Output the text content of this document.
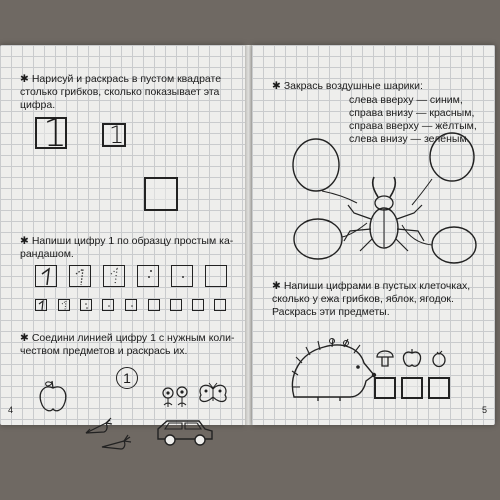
✱ Нарисуй и раскрась в пустом квадрате
столько грибков, сколько показывает эта
цифра.
1 1
✱ Напиши цифру 1 по образцу простым ка-
рандашом.
✱ Соедини линией цифру 1 с нужным коли-
чеством предметов и раскрась их.
1
4
✱ Закрась воздушные шарики:
слева вверху — синим,
справа внизу — красным,
справа вверху — жёлтым,
слева внизу — зелёным.
✱ Напиши цифрами в пустых клеточках,
сколько у ежа грибков, яблок, ягодок.
Раскрась эти предметы.
5
